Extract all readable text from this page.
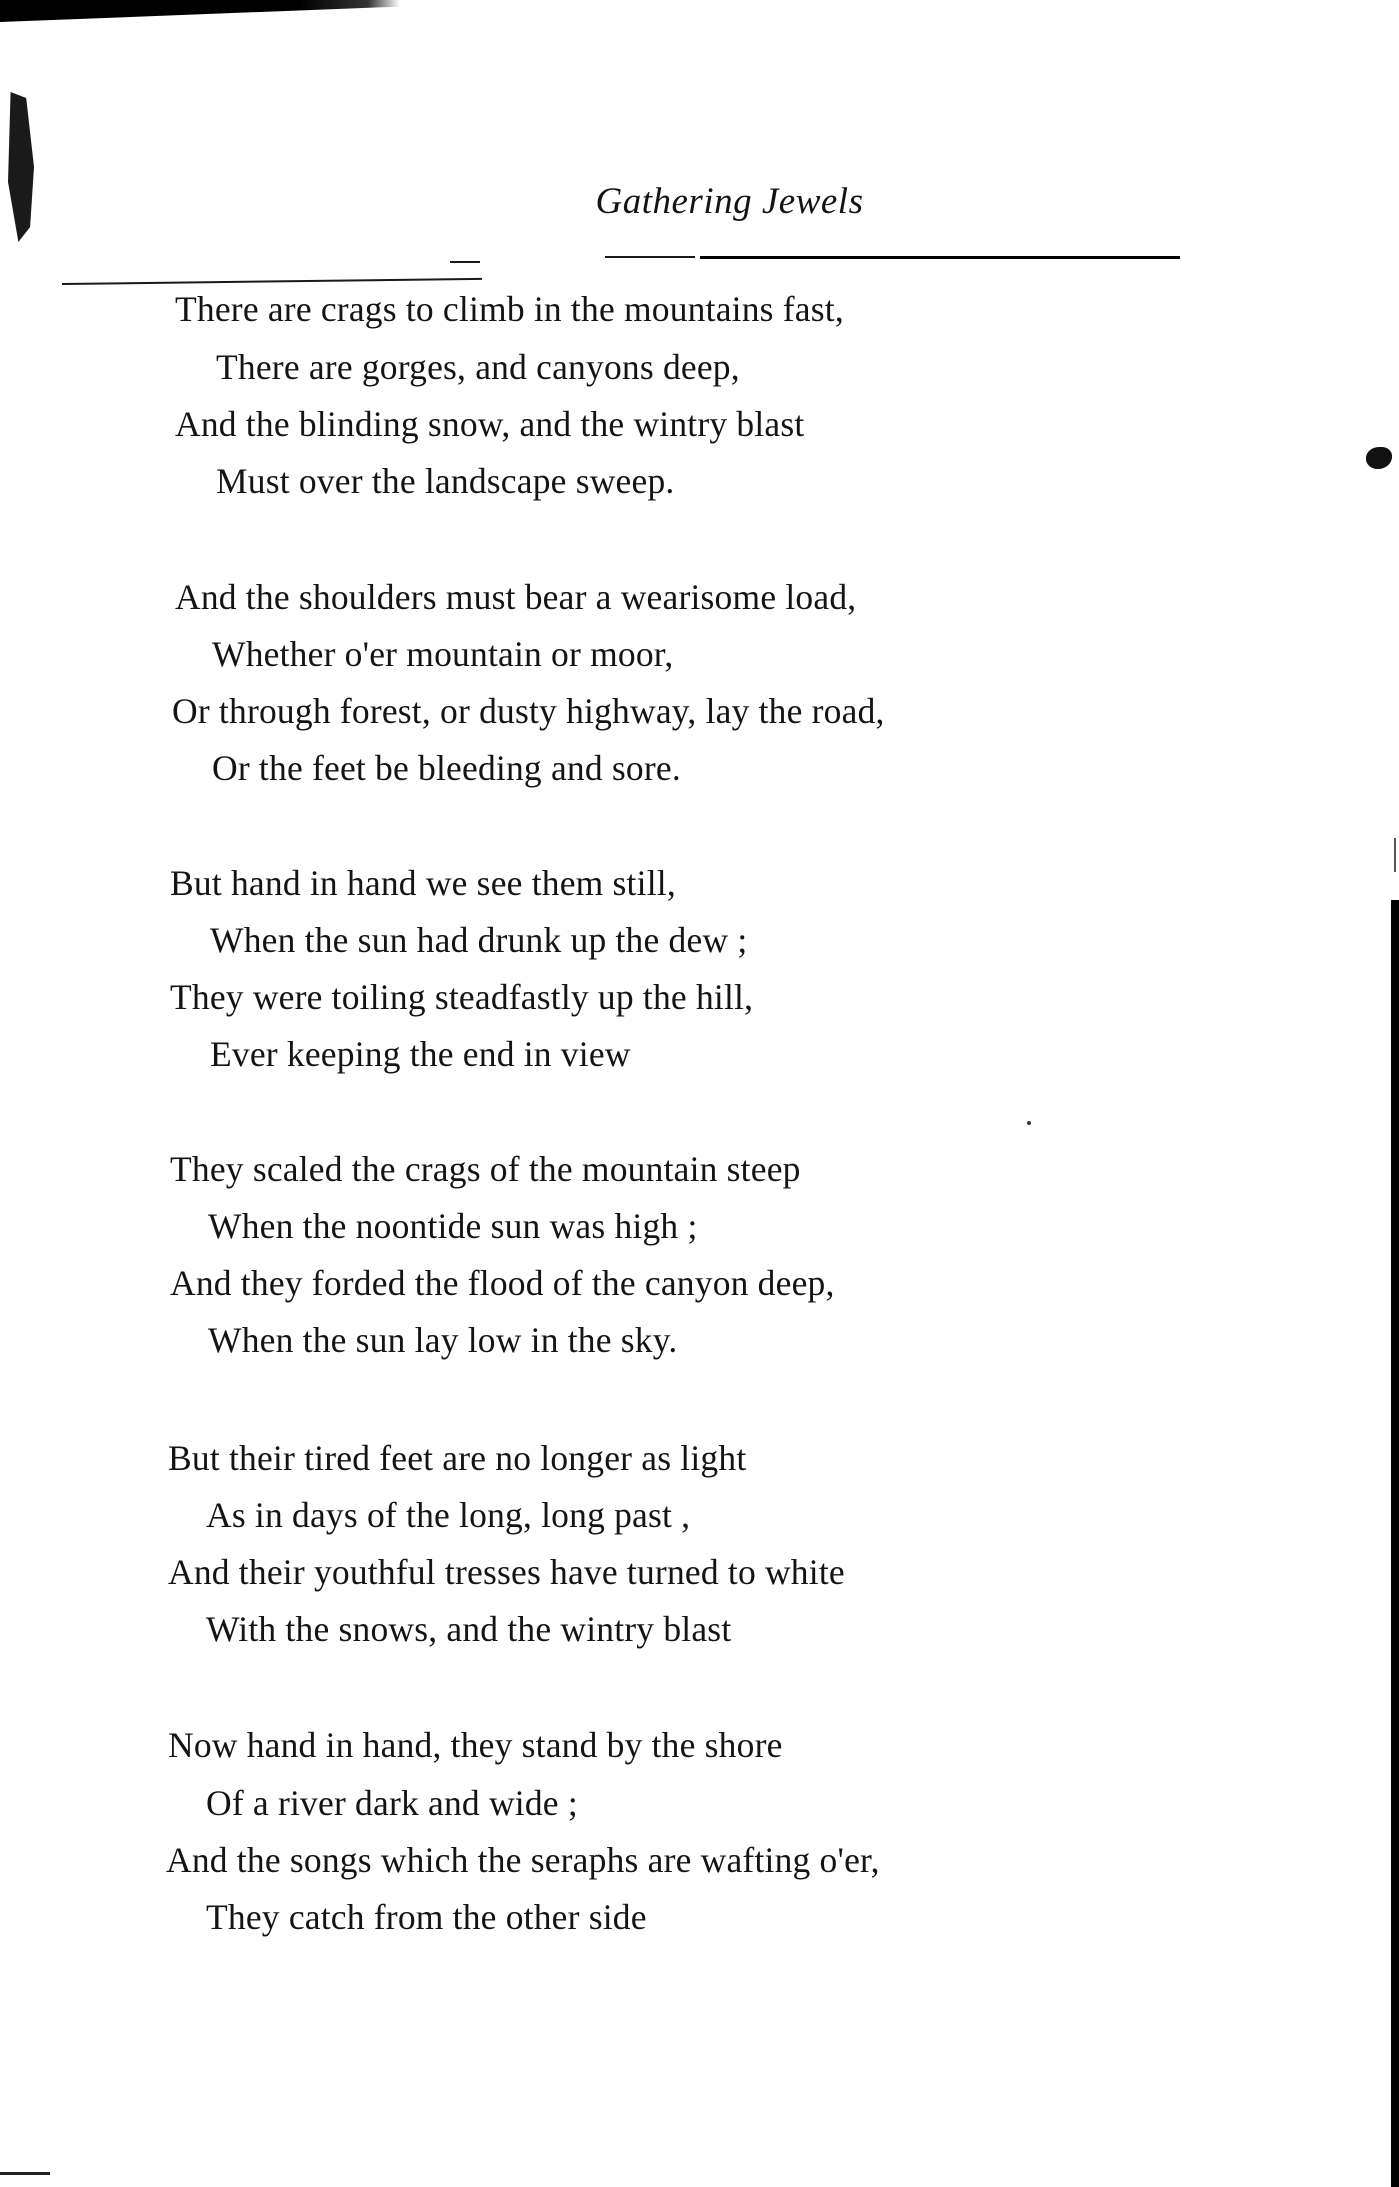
Gathering Jewels
There are crags to climb in the mountains fast,
There are gorges, and canyons deep,
And the blinding snow, and the wintry blast
Must over the landscape sweep.
And the shoulders must bear a wearisome load,
Whether o'er mountain or moor,
Or through forest, or dusty highway, lay the road,
Or the feet be bleeding and sore.
But hand in hand we see them still,
When the sun had drunk up the dew ;
They were toiling steadfastly up the hill,
Ever keeping the end in view
They scaled the crags of the mountain steep
When the noontide sun was high ;
And they forded the flood of the canyon deep,
When the sun lay low in the sky.
But their tired feet are no longer as light
As in days of the long, long past ,
And their youthful tresses have turned to white
With the snows, and the wintry blast
Now hand in hand, they stand by the shore
Of a river dark and wide ;
And the songs which the seraphs are wafting o'er,
They catch from the other side
